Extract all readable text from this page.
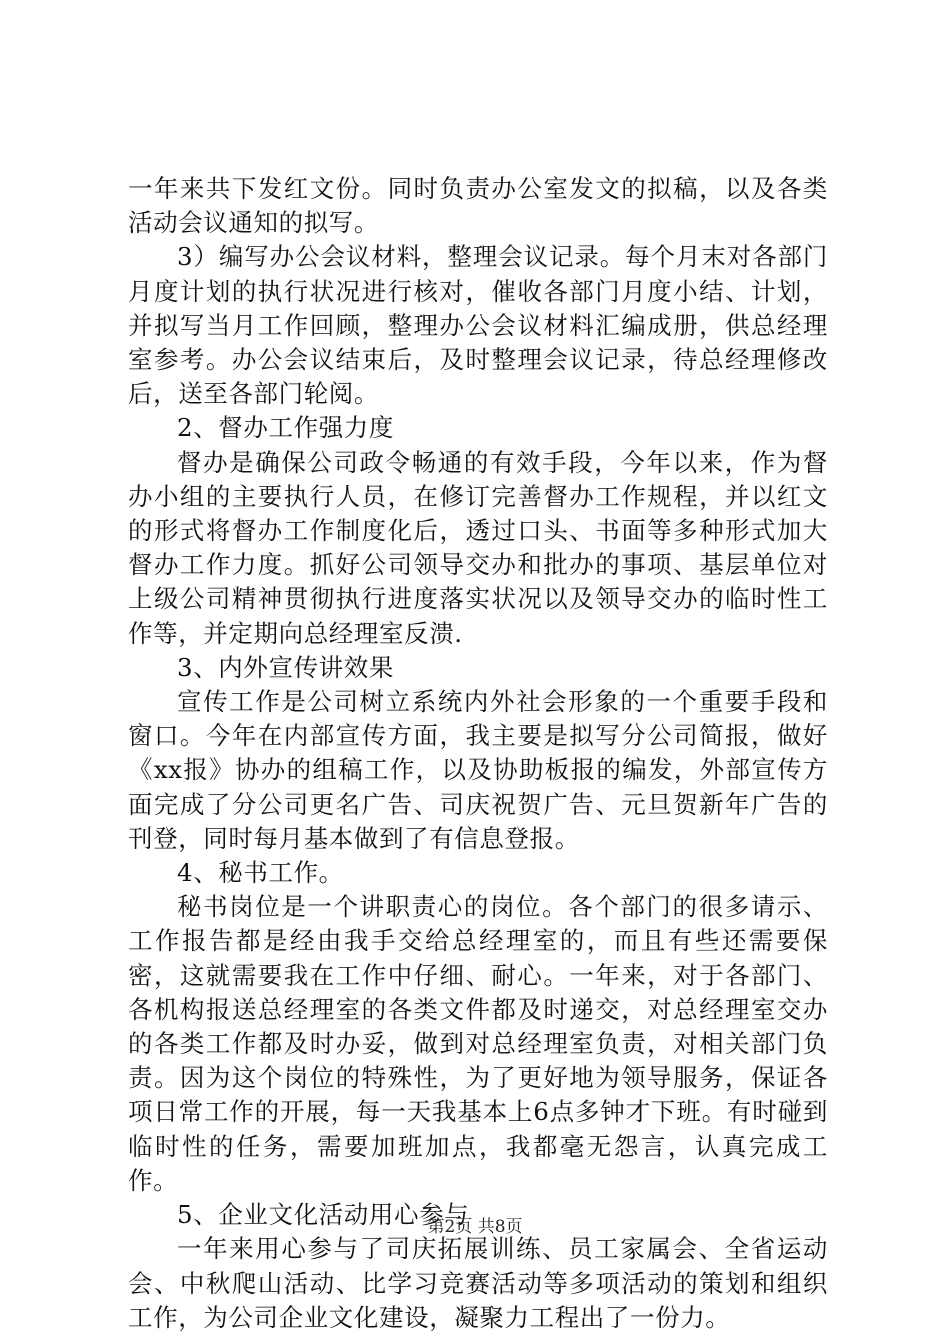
一年来共下发红文份。同时负责办公室发文的拟稿，以及各类活动会议通知的拟写。

3）编写办公会议材料，整理会议记录。每个月末对各部门月度计划的执行状况进行核对，催收各部门月度小结、计划，并拟写当月工作回顾，整理办公会议材料汇编成册，供总经理室参考。办公会议结束后，及时整理会议记录，待总经理修改后，送至各部门轮阅。

2、督办工作强力度

督办是确保公司政令畅通的有效手段，今年以来，作为督办小组的主要执行人员，在修订完善督办工作规程，并以红文的形式将督办工作制度化后，透过口头、书面等多种形式加大督办工作力度。抓好公司领导交办和批办的事项、基层单位对上级公司精神贯彻执行进度落实状况以及领导交办的临时性工作等，并定期向总经理室反溃.

3、内外宣传讲效果

宣传工作是公司树立系统内外社会形象的一个重要手段和窗口。今年在内部宣传方面，我主要是拟写分公司简报，做好《xx报》协办的组稿工作，以及协助板报的编发，外部宣传方面完成了分公司更名广告、司庆祝贺广告、元旦贺新年广告的刊登，同时每月基本做到了有信息登报。

4、秘书工作。

秘书岗位是一个讲职责心的岗位。各个部门的很多请示、工作报告都是经由我手交给总经理室的，而且有些还需要保密，这就需要我在工作中仔细、耐心。一年来，对于各部门、各机构报送总经理室的各类文件都及时递交，对总经理室交办的各类工作都及时办妥，做到对总经理室负责，对相关部门负责。因为这个岗位的特殊性，为了更好地为领导服务，保证各项日常工作的开展，每一天我基本上6点多钟才下班。有时碰到临时性的任务，需要加班加点，我都毫无怨言，认真完成工作。

5、企业文化活动用心参与

一年来用心参与了司庆拓展训练、员工家属会、全省运动会、中秋爬山活动、比学习竞赛活动等多项活动的策划和组织工作，为公司企业文化建设，凝聚力工程出了一份力。

第2页 共8页
